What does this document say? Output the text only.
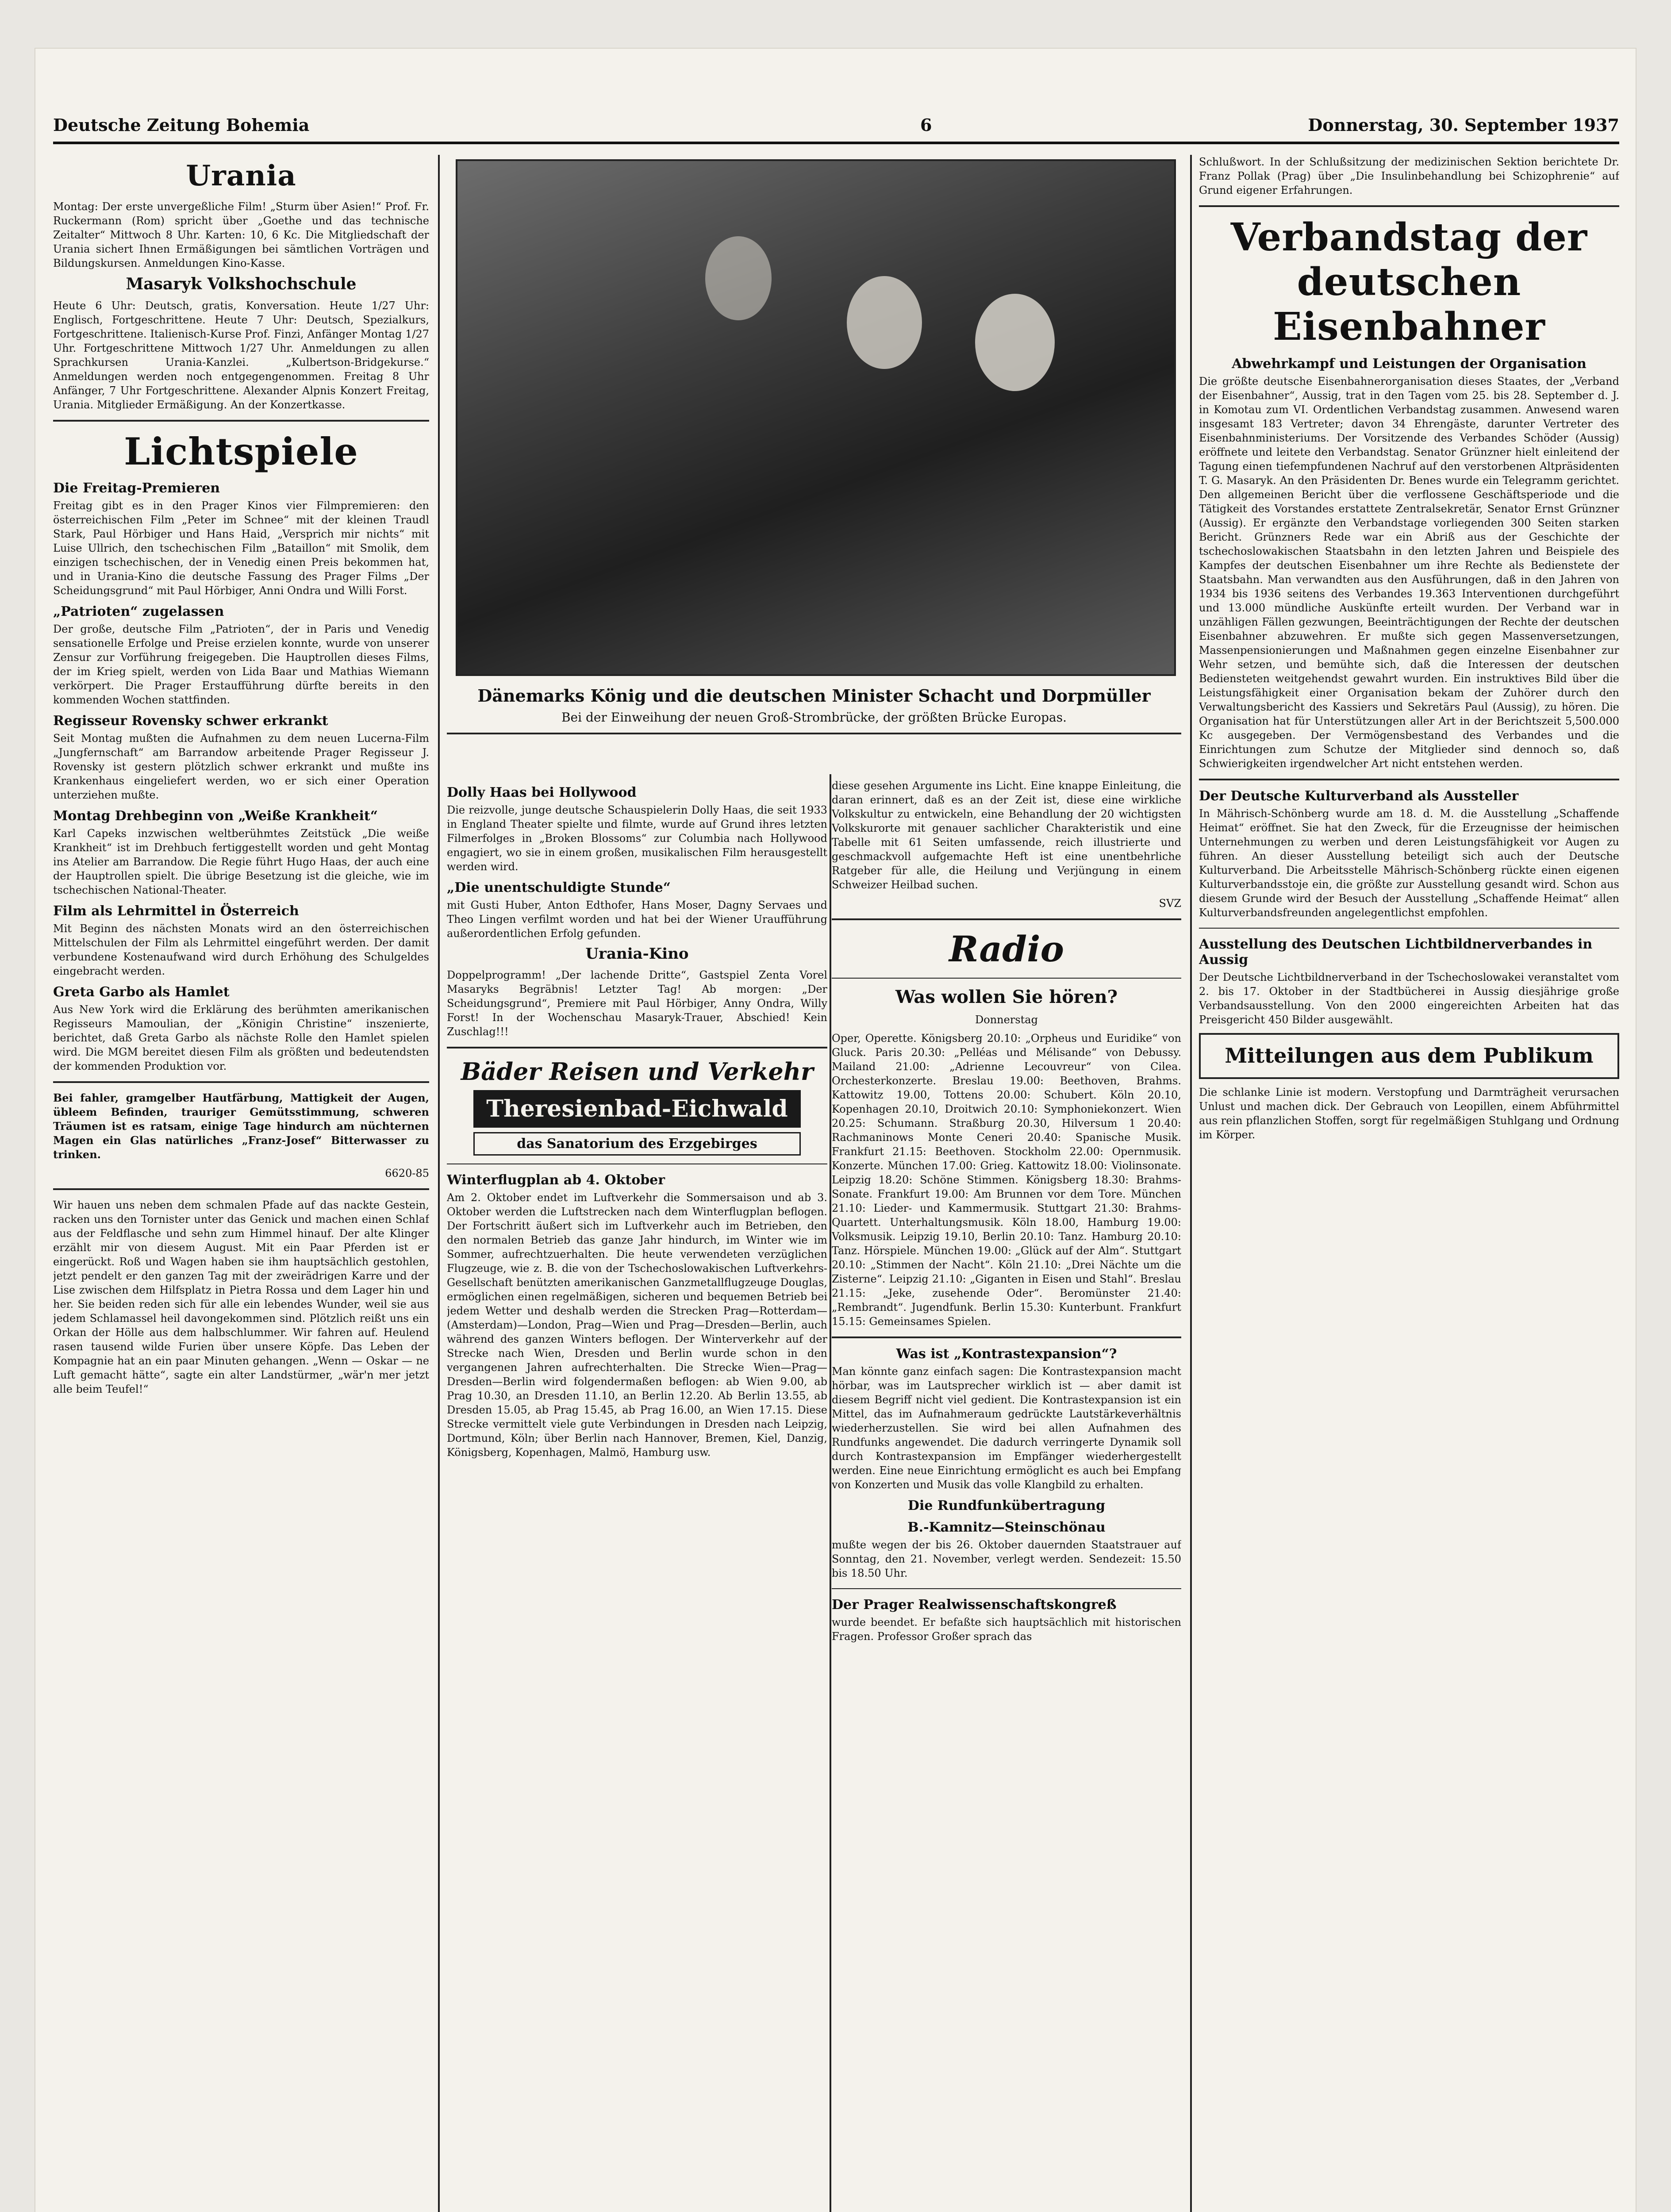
Deutsche Zeitung Bohemia	6	Donnerstag, 30. September 1937
Urania

Montag: Der erste unvergeßliche Film! „Sturm über Asien!“ Prof. Fr. Ruckermann (Rom) spricht über „Goethe und das technische Zeitalter“ Mittwoch 8 Uhr. Karten: 10, 6 Kc. Die Mitgliedschaft der Urania sichert Ihnen Ermäßigungen bei sämtlichen Vorträgen und Bildungskursen. Anmeldungen Kino-Kasse.

Masaryk Volkshochschule

Heute 6 Uhr: Deutsch, gratis, Konversation. Heute 1/27 Uhr: Englisch, Fortgeschrittene. Heute 7 Uhr: Deutsch, Spezialkurs, Fortgeschrittene. Italienisch-Kurse Prof. Finzi, Anfänger Montag 1/27 Uhr. Fortgeschrittene Mittwoch 1/27 Uhr. Anmeldungen zu allen Sprachkursen Urania-Kanzlei. „Kulbertson-Bridgekurse.“ Anmeldungen werden noch entgegengenommen. Freitag 8 Uhr Anfänger, 7 Uhr Fortgeschrittene. Alexander Alpnis Konzert Freitag, Urania. Mitglieder Ermäßigung. An der Konzertkasse.

Lichtspiele
Die Freitag-Premieren

Freitag gibt es in den Prager Kinos vier Filmpremieren: den österreichischen Film „Peter im Schnee“ mit der kleinen Traudl Stark, Paul Hörbiger und Hans Haid, „Versprich mir nichts“ mit Luise Ullrich, den tschechischen Film „Bataillon“ mit Smolik, dem einzigen tschechischen, der in Venedig einen Preis bekommen hat, und in Urania-Kino die deutsche Fassung des Prager Films „Der Scheidungsgrund“ mit Paul Hörbiger, Anni Ondra und Willi Forst.

„Patrioten“ zugelassen

Der große, deutsche Film „Patrioten“, der in Paris und Venedig sensationelle Erfolge und Preise erzielen konnte, wurde von unserer Zensur zur Vorführung freigegeben. Die Hauptrollen dieses Films, der im Krieg spielt, werden von Lida Baar und Mathias Wiemann verkörpert. Die Prager Erstaufführung dürfte bereits in den kommenden Wochen stattfinden.

Regisseur Rovensky schwer erkrankt

Seit Montag mußten die Aufnahmen zu dem neuen Lucerna-Film „Jungfernschaft“ am Barrandow arbeitende Prager Regisseur J. Rovensky ist gestern plötzlich schwer erkrankt und mußte ins Krankenhaus eingeliefert werden, wo er sich einer Operation unterziehen mußte.

Montag Drehbeginn von „Weiße Krankheit“

Karl Capeks inzwischen weltberühmtes Zeitstück „Die weiße Krankheit“ ist im Drehbuch fertiggestellt worden und geht Montag ins Atelier am Barrandow. Die Regie führt Hugo Haas, der auch eine der Hauptrollen spielt. Die übrige Besetzung ist die gleiche, wie im tschechischen National-Theater.

Film als Lehrmittel in Österreich

Mit Beginn des nächsten Monats wird an den österreichischen Mittelschulen der Film als Lehrmittel eingeführt werden. Der damit verbundene Kostenaufwand wird durch Erhöhung des Schulgeldes eingebracht werden.

Greta Garbo als Hamlet

Aus New York wird die Erklärung des berühmten amerikanischen Regisseurs Mamoulian, der „Königin Christine“ inszenierte, berichtet, daß Greta Garbo als nächste Rolle den Hamlet spielen wird. Die MGM bereitet diesen Film als größten und bedeutendsten der kommenden Produktion vor.

Bei fahler, gramgelber Hautfärbung, Mattigkeit der Augen, übleem Befinden, trauriger Gemütsstimmung, schweren Träumen ist es ratsam, einige Tage hindurch am nüchternen Magen ein Glas natürliches „Franz-Josef“ Bitterwasser zu trinken.

6620-85

Wir hauen uns neben dem schmalen Pfade auf das nackte Gestein, racken uns den Tornister unter das Genick und machen einen Schlaf aus der Feldflasche und sehn zum Himmel hinauf. Der alte Klinger erzählt mir von diesem August. Mit ein Paar Pferden ist er eingerückt. Roß und Wagen haben sie ihm hauptsächlich gestohlen, jetzt pendelt er den ganzen Tag mit der zweirädrigen Karre und der Lise zwischen dem Hilfsplatz in Pietra Rossa und dem Lager hin und her. Sie beiden reden sich für alle ein lebendes Wunder, weil sie aus jedem Schlamassel heil davongekommen sind. Plötzlich reißt uns ein Orkan der Hölle aus dem halbschlummer. Wir fahren auf. Heulend rasen tausend wilde Furien über unsere Köpfe. Das Leben der Kompagnie hat an ein paar Minuten gehangen. „Wenn — Oskar — ne Luft gemacht hätte“, sagte ein alter Landstürmer, „wär'n mer jetzt alle beim Teufel!“

Dänemarks König und die deutschen Minister Schacht und Dorpmüller
Bei der Einweihung der neuen Groß-Strombrücke, der größten Brücke Europas.
Dolly Haas bei Hollywood

Die reizvolle, junge deutsche Schauspielerin Dolly Haas, die seit 1933 in England Theater spielte und filmte, wurde auf Grund ihres letzten Filmerfolges in „Broken Blossoms“ zur Columbia nach Hollywood engagiert, wo sie in einem großen, musikalischen Film herausgestellt werden wird.

„Die unentschuldigte Stunde“

mit Gusti Huber, Anton Edthofer, Hans Moser, Dagny Servaes und Theo Lingen verfilmt worden und hat bei der Wiener Uraufführung außerordentlichen Erfolg gefunden.

Urania-Kino

Doppelprogramm! „Der lachende Dritte“, Gastspiel Zenta Vorel Masaryks Begräbnis! Letzter Tag! Ab morgen: „Der Scheidungsgrund“, Premiere mit Paul Hörbiger, Anny Ondra, Willy Forst! In der Wochenschau Masaryk-Trauer, Abschied! Kein Zuschlag!!!

Bäder Reisen und Verkehr
Theresienbad-Eichwald
das Sanatorium des Erzgebirges
Winterflugplan ab 4. Oktober

Am 2. Oktober endet im Luftverkehr die Sommersaison und ab 3. Oktober werden die Luftstrecken nach dem Winterflugplan beflogen. Der Fortschritt äußert sich im Luftverkehr auch im Betrieben, den den normalen Betrieb das ganze Jahr hindurch, im Winter wie im Sommer, aufrechtzuerhalten. Die heute verwendeten verzüglichen Flugzeuge, wie z. B. die von der Tschechoslowakischen Luftverkehrs-Gesellschaft benützten amerikanischen Ganzmetallflugzeuge Douglas, ermöglichen einen regelmäßigen, sicheren und bequemen Betrieb bei jedem Wetter und deshalb werden die Strecken Prag—Rotterdam—(Amsterdam)—London, Prag—Wien und Prag—Dresden—Berlin, auch während des ganzen Winters beflogen. Der Winterverkehr auf der Strecke nach Wien, Dresden und Berlin wurde schon in den vergangenen Jahren aufrechterhalten. Die Strecke Wien—Prag—Dresden—Berlin wird folgendermaßen beflogen: ab Wien 9.00, ab Prag 10.30, an Dresden 11.10, an Berlin 12.20. Ab Berlin 13.55, ab Dresden 15.05, ab Prag 15.45, ab Prag 16.00, an Wien 17.15. Diese Strecke vermittelt viele gute Verbindungen in Dresden nach Leipzig, Dortmund, Köln; über Berlin nach Hannover, Bremen, Kiel, Danzig, Königsberg, Kopenhagen, Malmö, Hamburg usw.

diese gesehen Argumente ins Licht. Eine knappe Einleitung, die daran erinnert, daß es an der Zeit ist, diese eine wirkliche Volkskultur zu entwickeln, eine Behandlung der 20 wichtigsten Volkskurorte mit genauer sachlicher Charakteristik und eine Tabelle mit 61 Seiten umfassende, reich illustrierte und geschmackvoll aufgemachte Heft ist eine unentbehrliche Ratgeber für alle, die Heilung und Verjüngung in einem Schweizer Heilbad suchen.

SVZ

Radio
Was wollen Sie hören?

Donnerstag

Oper, Operette. Königsberg 20.10: „Orpheus und Euridike“ von Gluck. Paris 20.30: „Pelléas und Mélisande“ von Debussy. Mailand 21.00: „Adrienne Lecouvreur“ von Cilea. Orchesterkonzerte. Breslau 19.00: Beethoven, Brahms. Kattowitz 19.00, Tottens 20.00: Schubert. Köln 20.10, Kopenhagen 20.10, Droitwich 20.10: Symphoniekonzert. Wien 20.25: Schumann. Straßburg 20.30, Hilversum 1 20.40: Rachmaninows Monte Ceneri 20.40: Spanische Musik. Frankfurt 21.15: Beethoven. Stockholm 22.00: Opernmusik. Konzerte. München 17.00: Grieg. Kattowitz 18.00: Violinsonate. Leipzig 18.20: Schöne Stimmen. Königsberg 18.30: Brahms-Sonate. Frankfurt 19.00: Am Brunnen vor dem Tore. München 21.10: Lieder- und Kammermusik. Stuttgart 21.30: Brahms-Quartett. Unterhaltungsmusik. Köln 18.00, Hamburg 19.00: Volksmusik. Leipzig 19.10, Berlin 20.10: Tanz. Hamburg 20.10: Tanz. Hörspiele. München 19.00: „Glück auf der Alm“. Stuttgart 20.10: „Stimmen der Nacht“. Köln 21.10: „Drei Nächte um die Zisterne“. Leipzig 21.10: „Giganten in Eisen und Stahl“. Breslau 21.15: „Jeke, zusehende Oder“. Beromünster 21.40: „Rembrandt“. Jugendfunk. Berlin 15.30: Kunterbunt. Frankfurt 15.15: Gemeinsames Spielen.

Was ist „Kontrastexpansion“?

Man könnte ganz einfach sagen: Die Kontrastexpansion macht hörbar, was im Lautsprecher wirklich ist — aber damit ist diesem Begriff nicht viel gedient. Die Kontrastexpansion ist ein Mittel, das im Aufnahmeraum gedrückte Lautstärkeverhältnis wiederherzustellen. Sie wird bei allen Aufnahmen des Rundfunks angewendet. Die dadurch verringerte Dynamik soll durch Kontrastexpansion im Empfänger wiederhergestellt werden. Eine neue Einrichtung ermöglicht es auch bei Empfang von Konzerten und Musik das volle Klangbild zu erhalten.

Die Rundfunkübertragung
B.-Kamnitz—Steinschönau

mußte wegen der bis 26. Oktober dauernden Staatstrauer auf Sonntag, den 21. November, verlegt werden. Sendezeit: 15.50 bis 18.50 Uhr.

Der Prager Realwissenschaftskongreß

wurde beendet. Er befaßte sich hauptsächlich mit historischen Fragen. Professor Großer sprach das

Schlußwort. In der Schlußsitzung der medizinischen Sektion berichtete Dr. Franz Pollak (Prag) über „Die Insulinbehandlung bei Schizophrenie“ auf Grund eigener Erfahrungen.

Verbandstag der
deutschen Eisenbahner
Abwehrkampf und Leistungen der Organisation

Die größte deutsche Eisenbahnerorganisation dieses Staates, der „Verband der Eisenbahner“, Aussig, trat in den Tagen vom 25. bis 28. September d. J. in Komotau zum VI. Ordentlichen Verbandstag zusammen. Anwesend waren insgesamt 183 Vertreter; davon 34 Ehrengäste, darunter Vertreter des Eisenbahnministeriums. Der Vorsitzende des Verbandes Schöder (Aussig) eröffnete und leitete den Verbandstag. Senator Grünzner hielt einleitend der Tagung einen tiefempfundenen Nachruf auf den verstorbenen Altpräsidenten T. G. Masaryk. An den Präsidenten Dr. Benes wurde ein Telegramm gerichtet. Den allgemeinen Bericht über die verflossene Geschäftsperiode und die Tätigkeit des Vorstandes erstattete Zentralsekretär, Senator Ernst Grünzner (Aussig). Er ergänzte den Verbandstage vorliegenden 300 Seiten starken Bericht. Grünzners Rede war ein Abriß aus der Geschichte der tschechoslowakischen Staatsbahn in den letzten Jahren und Beispiele des Kampfes der deutschen Eisenbahner um ihre Rechte als Bedienstete der Staatsbahn. Man verwandten aus den Ausführungen, daß in den Jahren von 1934 bis 1936 seitens des Verbandes 19.363 Interventionen durchgeführt und 13.000 mündliche Auskünfte erteilt wurden. Der Verband war in unzähligen Fällen gezwungen, Beeinträchtigungen der Rechte der deutschen Eisenbahner abzuwehren. Er mußte sich gegen Massenversetzungen, Massenpensionierungen und Maßnahmen gegen einzelne Eisenbahner zur Wehr setzen, und bemühte sich, daß die Interessen der deutschen Bediensteten weitgehendst gewahrt wurden. Ein instruktives Bild über die Leistungsfähigkeit einer Organisation bekam der Zuhörer durch den Verwaltungsbericht des Kassiers und Sekretärs Paul (Aussig), zu hören. Die Organisation hat für Unterstützungen aller Art in der Berichtszeit 5,500.000 Kc ausgegeben. Der Vermögensbestand des Verbandes und die Einrichtungen zum Schutze der Mitglieder sind dennoch so, daß Schwierigkeiten irgendwelcher Art nicht entstehen werden.

Der Deutsche Kulturverband als Aussteller

In Mährisch-Schönberg wurde am 18. d. M. die Ausstellung „Schaffende Heimat“ eröffnet. Sie hat den Zweck, für die Erzeugnisse der heimischen Unternehmungen zu werben und deren Leistungsfähigkeit vor Augen zu führen. An dieser Ausstellung beteiligt sich auch der Deutsche Kulturverband. Die Arbeitsstelle Mährisch-Schönberg rückte einen eigenen Kulturverbandsstoje ein, die größte zur Ausstellung gesandt wird. Schon aus diesem Grunde wird der Besuch der Ausstellung „Schaffende Heimat“ allen Kulturverbandsfreunden angelegentlichst empfohlen.

Ausstellung des Deutschen Lichtbildnerverbandes in Aussig

Der Deutsche Lichtbildnerverband in der Tschechoslowakei veranstaltet vom 2. bis 17. Oktober in der Stadtbücherei in Aussig diesjährige große Verbandsausstellung. Von den 2000 eingereichten Arbeiten hat das Preisgericht 450 Bilder ausgewählt.

Mitteilungen aus dem Publikum

Die schlanke Linie ist modern. Verstopfung und Darmträgheit verursachen Unlust und machen dick. Der Gebrauch von Leopillen, einem Abführmittel aus rein pflanzlichen Stoffen, sorgt für regelmäßigen Stuhlgang und Ordnung im Körper.
